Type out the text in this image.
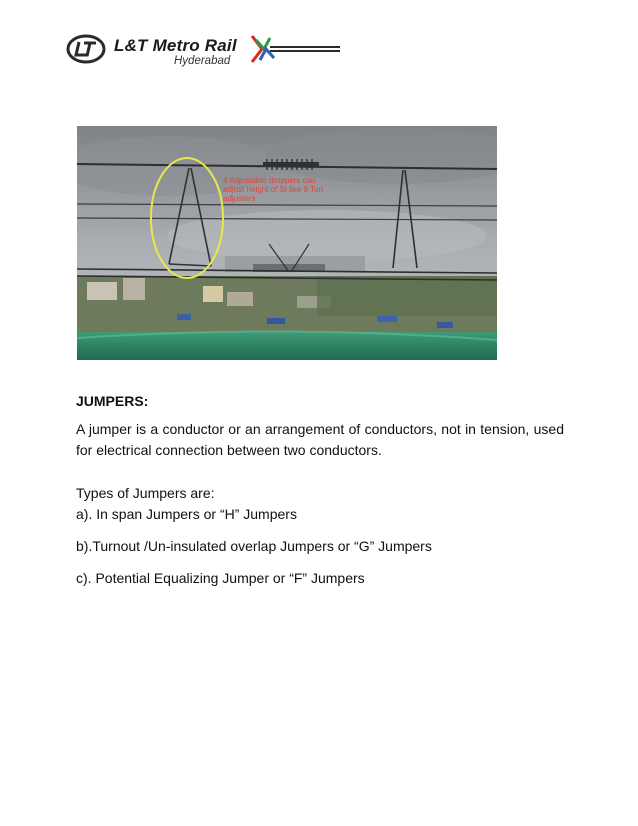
L&T Metro Rail
Hyderabad
4 Adjustable droppers can
adjust height of SI like 9 Ton
adjusters

JUMPERS:

A jumper is a conductor or an arrangement of conductors, not in tension, used for electrical connection between two conductors.

Types of Jumpers are:

a). In span Jumpers or “H” Jumpers

b).Turnout /Un-insulated overlap Jumpers or “G” Jumpers

c). Potential Equalizing Jumper or “F” Jumpers
